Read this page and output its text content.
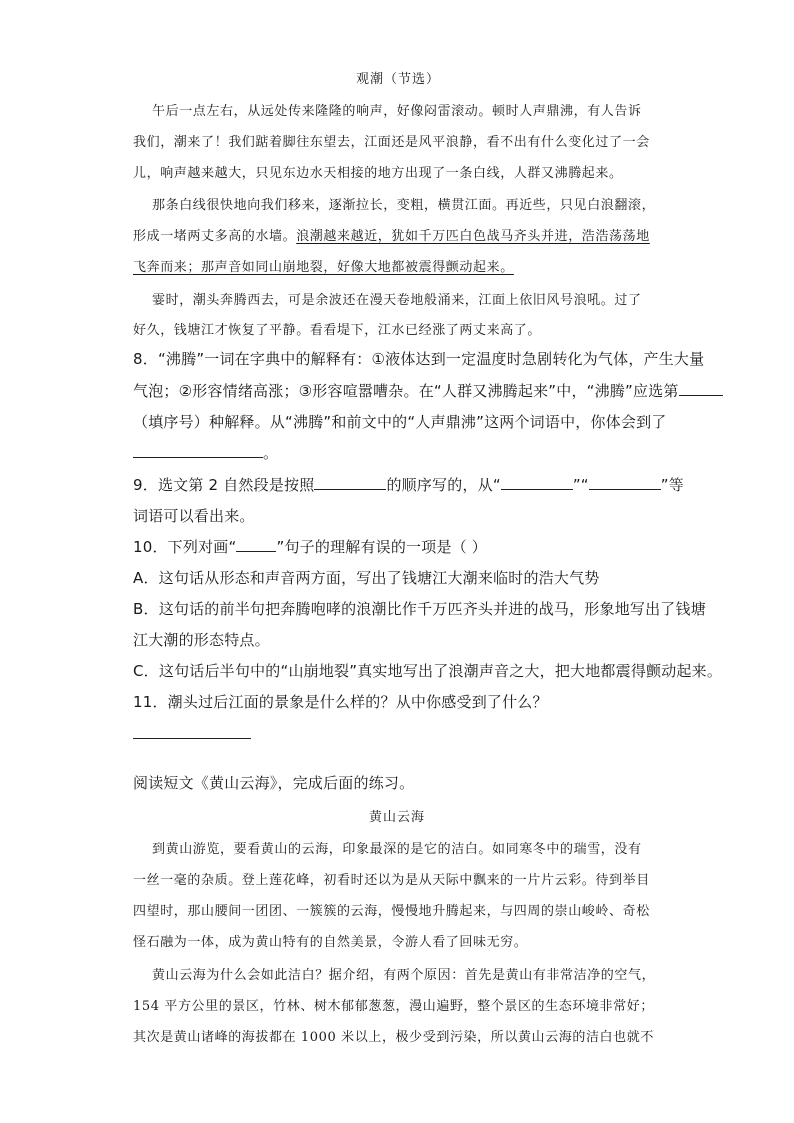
观潮（节选）
午后一点左右，从远处传来隆隆的响声，好像闷雷滚动。顿时人声鼎沸，有人告诉
我们，潮来了！我们踮着脚往东望去，江面还是风平浪静，看不出有什么变化过了一会
儿，响声越来越大，只见东边水天相接的地方出现了一条白线，人群又沸腾起来。
那条白线很快地向我们移来，逐渐拉长，变粗，横贯江面。再近些，只见白浪翻滚，
形成一堵两丈多高的水墙。浪潮越来越近，犹如千万匹白色战马齐头并进，浩浩荡荡地
飞奔而来；那声音如同山崩地裂，好像大地都被震得颤动起来。
霎时，潮头奔腾西去，可是余波还在漫天卷地般涌来，江面上依旧风号浪吼。过了
好久，钱塘江才恢复了平静。看看堤下，江水已经涨了两丈来高了。
8．“沸腾”一词在字典中的解释有：①液体达到一定温度时急剧转化为气体，产生大量
气泡；②形容情绪高涨；③形容喧嚣嘈杂。在“人群又沸腾起来”中，“沸腾”应选第
（填序号）种解释。从“沸腾”和前文中的“人声鼎沸”这两个词语中，你体会到了
。
9．选文第 2 自然段是按照	的顺序写的，从“	”“	”等
词语可以看出来。
10．下列对画“	”句子的理解有误的一项是（ ）
A．这句话从形态和声音两方面，写出了钱塘江大潮来临时的浩大气势
B．这句话的前半句把奔腾咆哮的浪潮比作千万匹齐头并进的战马，形象地写出了钱塘
江大潮的形态特点。
C．这句话后半句中的“山崩地裂”真实地写出了浪潮声音之大，把大地都震得颤动起来。
11．潮头过后江面的景象是什么样的？从中你感受到了什么？
阅读短文《黄山云海》，完成后面的练习。
黄山云海
到黄山游览，要看黄山的云海，印象最深的是它的洁白。如同寒冬中的瑞雪，没有
一丝一毫的杂质。登上莲花峰，初看时还以为是从天际中飘来的一片片云彩。待到举目
四望时，那山腰间一团团、一簇簇的云海，慢慢地升腾起来，与四周的崇山峻岭、奇松
怪石融为一体，成为黄山特有的自然美景，令游人看了回味无穷。
黄山云海为什么会如此洁白？据介绍，有两个原因：首先是黄山有非常洁净的空气，
154 平方公里的景区，竹林、树木郁郁葱葱，漫山遍野，整个景区的生态环境非常好；
其次是黄山诸峰的海拔都在 1000 米以上，极少受到污染，所以黄山云海的洁白也就不
